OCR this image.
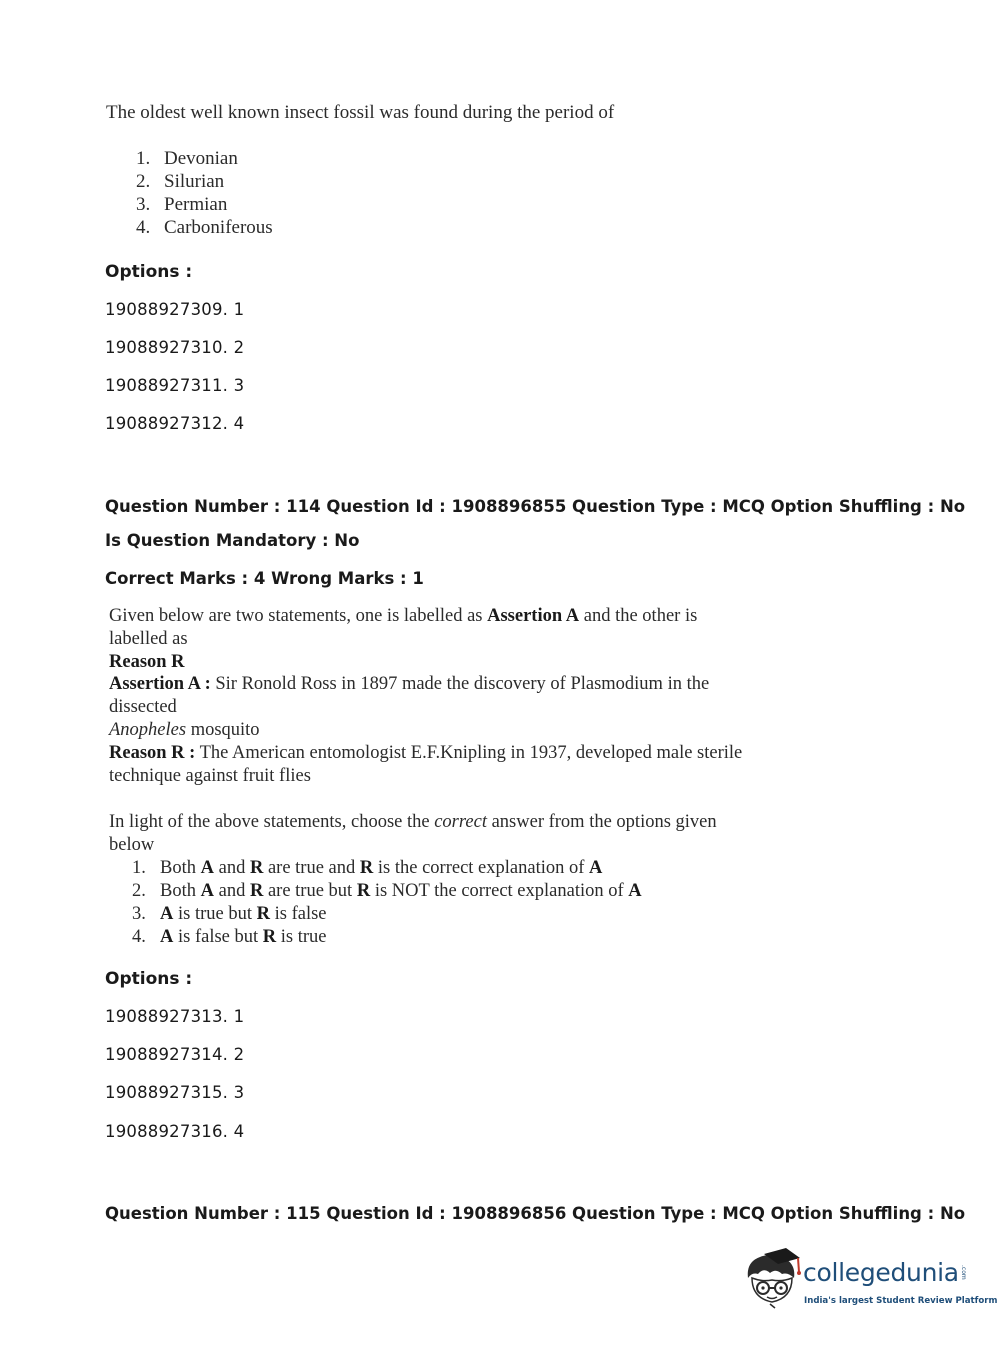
The oldest well known insect fossil was found during the period of
1. Devonian
2. Silurian
3. Permian
4. Carboniferous
Options :
19088927309. 1
19088927310. 2
19088927311. 3
19088927312. 4
Question Number : 114 Question Id : 1908896855 Question Type : MCQ Option Shuffling : No
Is Question Mandatory : No
Correct Marks : 4 Wrong Marks : 1
Given below are two statements, one is labelled as Assertion A and the other is labelled as
Reason R
Assertion A : Sir Ronold Ross in 1897 made the discovery of Plasmodium in the dissected
Anopheles mosquito
Reason R : The American entomologist E.F.Knipling in 1937, developed male sterile
technique against fruit flies
In light of the above statements, choose the correct answer from the options given below
1. Both A and R are true and R is the correct explanation of A
2. Both A and R are true but R is NOT the correct explanation of A
3. A is true but R is false
4. A is false but R is true
Options :
19088927313. 1
19088927314. 2
19088927315. 3
19088927316. 4
Question Number : 115 Question Id : 1908896856 Question Type : MCQ Option Shuffling : No
collegedunia .com
India's largest Student Review Platform
